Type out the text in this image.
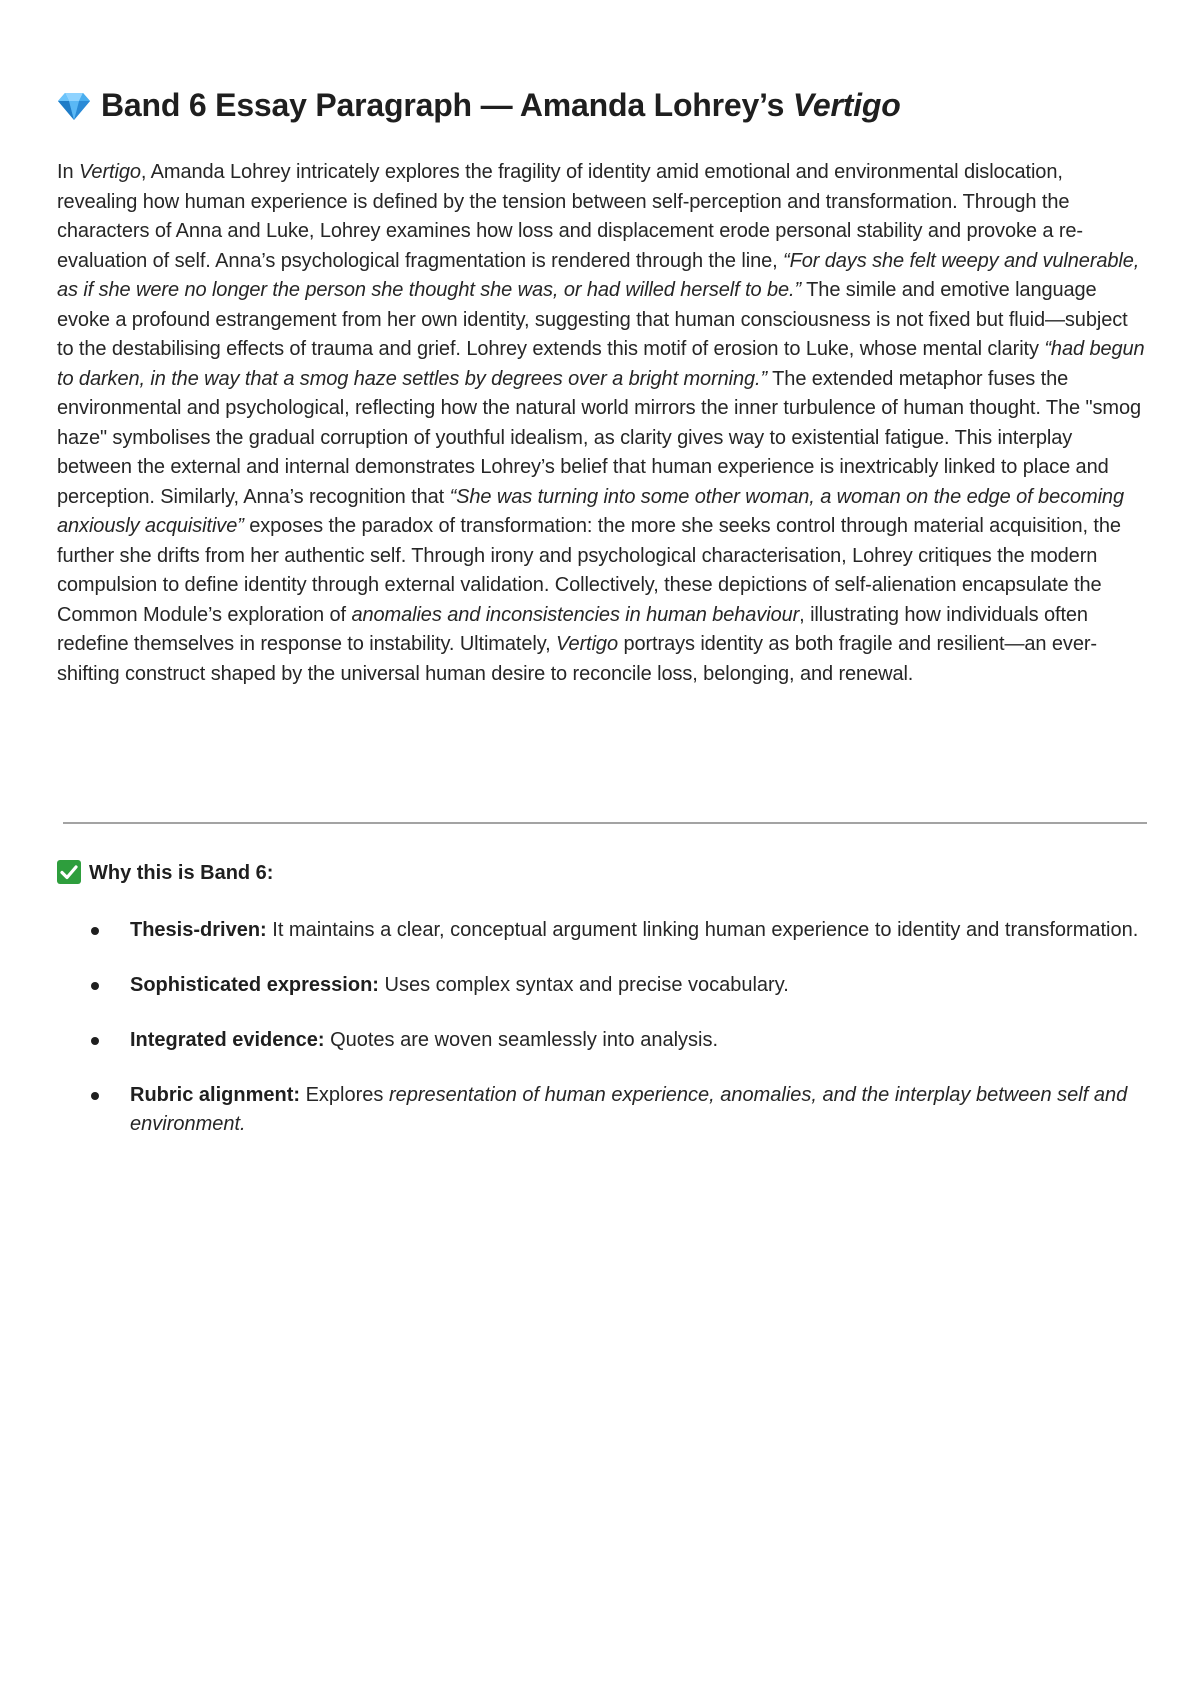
Band 6 Essay Paragraph — Amanda Lohrey’s Vertigo

In Vertigo, Amanda Lohrey intricately explores the fragility of identity amid emotional and environmental dislocation, revealing how human experience is defined by the tension between self-perception and transformation. Through the characters of Anna and Luke, Lohrey examines how loss and displacement erode personal stability and provoke a re-evaluation of self. Anna’s psychological fragmentation is rendered through the line, “For days she felt weepy and vulnerable, as if she were no longer the person she thought she was, or had willed herself to be.” The simile and emotive language evoke a profound estrangement from her own identity, suggesting that human consciousness is not fixed but fluid—subject to the destabilising effects of trauma and grief. Lohrey extends this motif of erosion to Luke, whose mental clarity “had begun to darken, in the way that a smog haze settles by degrees over a bright morning.” The extended metaphor fuses the environmental and psychological, reflecting how the natural world mirrors the inner turbulence of human thought. The "smog haze" symbolises the gradual corruption of youthful idealism, as clarity gives way to existential fatigue. This interplay between the external and internal demonstrates Lohrey’s belief that human experience is inextricably linked to place and perception. Similarly, Anna’s recognition that “She was turning into some other woman, a woman on the edge of becoming anxiously acquisitive” exposes the paradox of transformation: the more she seeks control through material acquisition, the further she drifts from her authentic self. Through irony and psychological characterisation, Lohrey critiques the modern compulsion to define identity through external validation. Collectively, these depictions of self-alienation encapsulate the Common Module’s exploration of anomalies and inconsistencies in human behaviour, illustrating how individuals often redefine themselves in response to instability. Ultimately, Vertigo portrays identity as both fragile and resilient—an ever-shifting construct shaped by the universal human desire to reconcile loss, belonging, and renewal.

Why this is Band 6:
Thesis-driven: It maintains a clear, conceptual argument linking human experience to identity and transformation.
Sophisticated expression: Uses complex syntax and precise vocabulary.
Integrated evidence: Quotes are woven seamlessly into analysis.
Rubric alignment: Explores representation of human experience, anomalies, and the interplay between self and environment.
